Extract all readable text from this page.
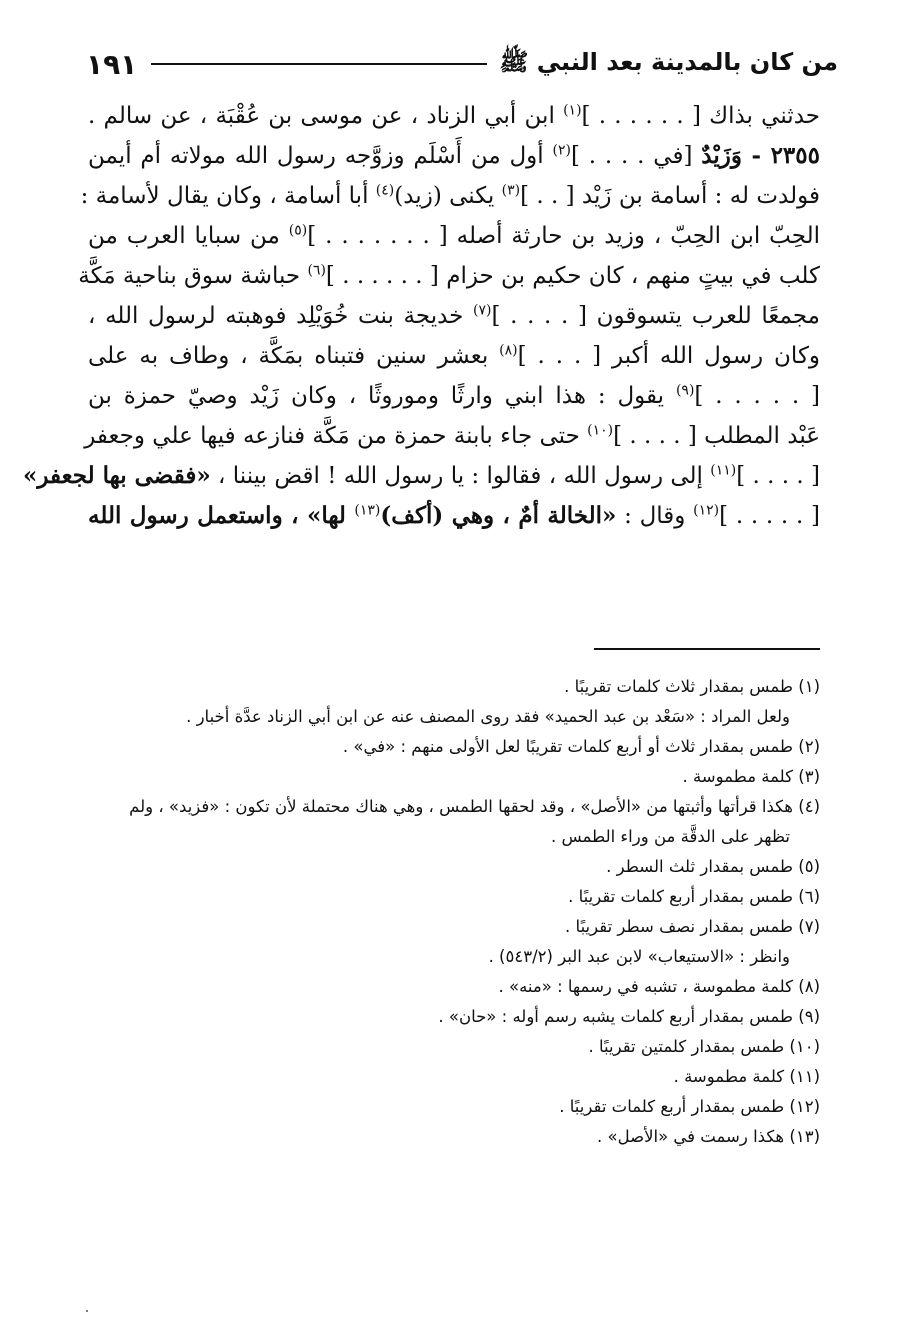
من كان بالمدينة بعد النبي ﷺ
١٩١
حدثني بذاك [ . . . . . . ]$^{(١)}$ ابن أبي الزناد ، عن موسى بن عُقْبَة ، عن سالم .
٢٣٥٥ - وَزَيْدٌ [في . . . . ]$^{(٢)}$ أول من أَسْلَم وزوَّجه رسول الله مولاته أم أيمن
فولدت له : أسامة بن زَيْد [ . . ]$^{(٣)}$ يكنى (زيد)$^{(٤)}$ أبا أسامة ، وكان يقال لأسامة :
الحِبّ ابن الحِبّ ، وزيد بن حارثة أصله [ . . . . . . . ]$^{(٥)}$ من سبايا العرب من
كلب في بيتٍ منهم ، كان حكيم بن حزام [ . . . . . . ]$^{(٦)}$ حباشة سوق بناحية مَكَّة
مجمعًا للعرب يتسوقون [ . . . . ]$^{(٧)}$ خديجة بنت خُوَيْلِد فوهبته لرسول الله ،
وكان رسول الله أكبر [ . . . ]$^{(٨)}$ بعشر سنين فتبناه بمَكَّة ، وطاف به على
[ . . . . . ]$^{(٩)}$ يقول : هذا ابني وارثًا وموروثًا ، وكان زَيْد وصيّ حمزة بن
عَبْد المطلب [ . . . . ]$^{(١٠)}$ حتى جاء بابنة حمزة من مَكَّة فنازعه فيها علي وجعفر
[ . . . . ]$^{(١١)}$ إلى رسول الله ، فقالوا : يا رسول الله ! اقض بيننا ، «فقضى بها لجعفر»
[ . . . . . ]$^{(١٢)}$ وقال : «الخالة أمٌ ، وهي (أكف)$^{(١٣)}$ لها» ، واستعمل رسول الله
(١) طمس بمقدار ثلاث كلمات تقريبًا .
ولعل المراد : «سَعْد بن عبد الحميد» فقد روى المصنف عنه عن ابن أبي الزناد عدَّة أخبار .
(٢) طمس بمقدار ثلاث أو أربع كلمات تقريبًا لعل الأولى منهم : «في» .
(٣) كلمة مطموسة .
(٤) هكذا قرأتها وأثبتها من «الأصل» ، وقد لحقها الطمس ، وهي هناك محتملة لأن تكون : «فزيد» ، ولم
تظهر على الدقَّة من وراء الطمس .
(٥) طمس بمقدار ثلث السطر .
(٦) طمس بمقدار أربع كلمات تقريبًا .
(٧) طمس بمقدار نصف سطر تقريبًا .
وانظر : «الاستيعاب» لابن عبد البر (٥٤٣/٢) .
(٨) كلمة مطموسة ، تشبه في رسمها : «منه» .
(٩) طمس بمقدار أربع كلمات يشبه رسم أوله : «حان» .
(١٠) طمس بمقدار كلمتين تقريبًا .
(١١) كلمة مطموسة .
(١٢) طمس بمقدار أربع كلمات تقريبًا .
(١٣) هكذا رسمت في «الأصل» .
